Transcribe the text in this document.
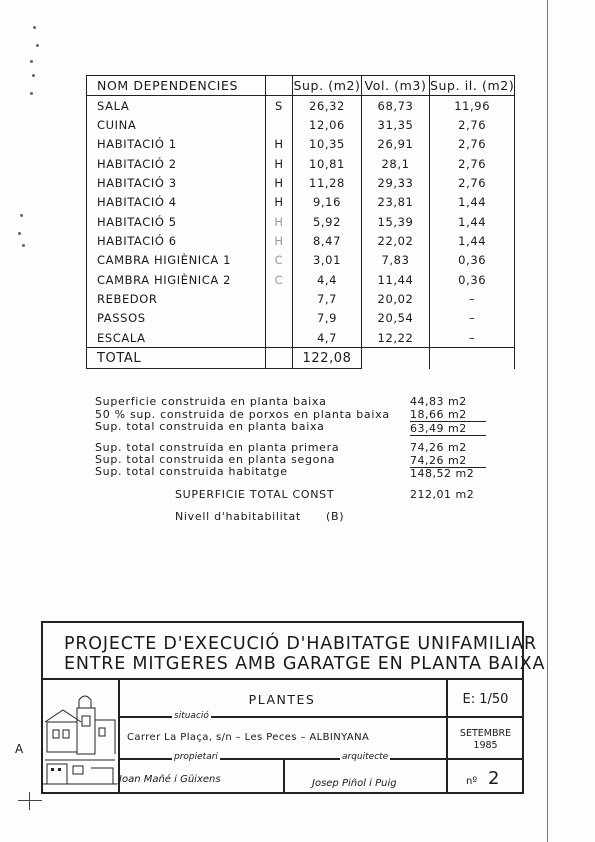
NOM DEPENDENCIES		Sup. (m2)	Vol. (m3)	Sup. il. (m2)
SALA	S	26,32	68,73	11,96
CUINA		12,06	31,35	2,76
HABITACIÓ 1	H	10,35	26,91	2,76
HABITACIÓ 2	H	10,81	28,1	2,76
HABITACIÓ 3	H	11,28	29,33	2,76
HABITACIÓ 4	H	9,16	23,81	1,44
HABITACIÓ 5	H	5,92	15,39	1,44
HABITACIÓ 6	H	8,47	22,02	1,44
CAMBRA HIGIÈNICA 1	C	3,01	7,83	0,36
CAMBRA HIGIÈNICA 2	C	4,4	11,44	0,36
REBEDOR		7,7	20,02	–
PASSOS		7,9	20,54	–
ESCALA		4,7	12,22	–
TOTAL		122,08		
Superficie construida en planta baixa	44,83 m2
50 % sup. construida de porxos en planta baixa 18,66 m2
Sup. total construida en planta baixa	63,49 m2
Sup. total construida en planta primera	74,26 m2
Sup. total construida en planta segona	74,26 m2
Sup. total construida habitatge	148,52 m2
SUPERFICIE TOTAL CONST	212,01 m2
Nivell d'habitabilitat (B)
A
PROJECTE D'EXECUCIÓ D'HABITATGE UNIFAMILIAR
ENTRE MITGERES AMB GARATGE EN PLANTA BAIXA
PLANTES	E: 1/50
situació
Carrer La Plaça, s/n – Les Peces – ALBINYANA	SETEMBRE
1985
propietari
Joan Mañé i Güixens
arquitecte
Josep Piñol i Puig	nº 2
